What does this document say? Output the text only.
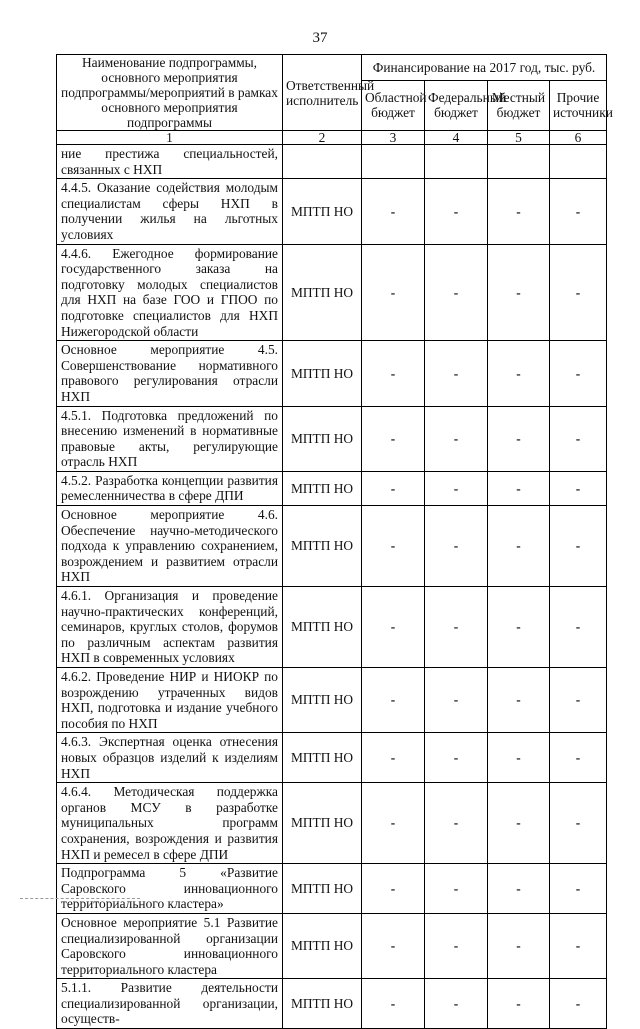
37
Наименование подпрограммы, основного мероприятия подпрограммы/мероприятий в рамках основного мероприятия подпрограммы	Ответственный исполнитель	Финансирование на 2017 год, тыс. руб.			
		Областной бюджет	Федеральный бюджет	Местный бюджет	Прочие источники
1	2	3	4	5	6
ние престижа специальностей, связанных с НХП					
4.4.5. Оказание содействия молодым специалистам сферы НХП в получении жилья на льготных условиях	МПТП НО	-	-	-	-
4.4.6. Ежегодное формирование государственного заказа на подготовку молодых специалистов для НХП на базе ГОО и ГПОО по подготовке специалистов для НХП Нижегородской области	МПТП НО	-	-	-	-
Основное мероприятие 4.5. Совершенствование нормативного правового регулирования отрасли НХП	МПТП НО	-	-	-	-
4.5.1. Подготовка предложений по внесению изменений в нормативные правовые акты, регулирующие отрасль НХП	МПТП НО	-	-	-	-
4.5.2. Разработка концепции развития ремесленничества в сфере ДПИ	МПТП НО	-	-	-	-
Основное мероприятие 4.6. Обеспечение научно-методического подхода к управлению сохранением, возрождением и развитием отрасли НХП	МПТП НО	-	-	-	-
4.6.1. Организация и проведение научно-практических конференций, семинаров, круглых столов, форумов по различным аспектам развития НХП в современных условиях	МПТП НО	-	-	-	-
4.6.2. Проведение НИР и НИОКР по возрождению утраченных видов НХП, подготовка и издание учебного пособия по НХП	МПТП НО	-	-	-	-
4.6.3. Экспертная оценка отнесения новых образцов изделий к изделиям НХП	МПТП НО	-	-	-	-
4.6.4. Методическая поддержка органов МСУ в разработке муниципальных программ сохранения, возрождения и развития НХП и ремесел в сфере ДПИ	МПТП НО	-	-	-	-
Подпрограмма 5 «Развитие Саровского инновационного территориального кластера»	МПТП НО	-	-	-	-
Основное мероприятие 5.1 Развитие специализированной организации Саровского инновационного территориального кластера	МПТП НО	-	-	-	-
5.1.1. Развитие деятельности специализированной организации, осуществ-	МПТП НО	-	-	-	-
